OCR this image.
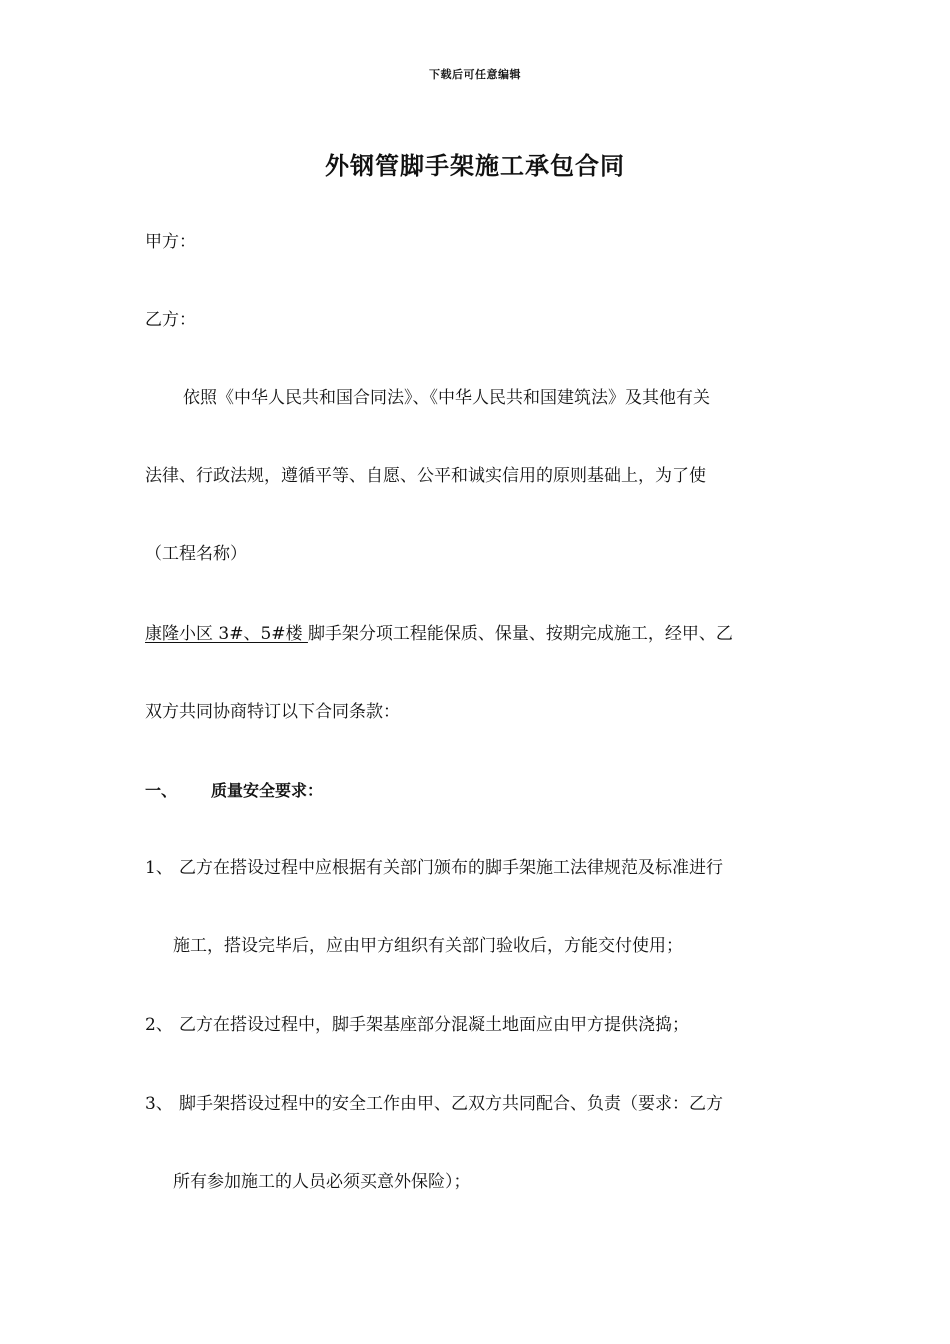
下载后可任意编辑
外钢管脚手架施工承包合同
甲方：
乙方：
依照《中华人民共和国合同法》、《中华人民共和国建筑法》及其他有关
法律、行政法规，遵循平等、自愿、公平和诚实信用的原则基础上，为了使
（工程名称）
康隆小区 3#、5#楼 脚手架分项工程能保质、保量、按期完成施工，经甲、乙
双方共同协商特订以下合同条款：
一、 质量安全要求：
1、 乙方在搭设过程中应根据有关部门颁布的脚手架施工法律规范及标准进行
施工，搭设完毕后，应由甲方组织有关部门验收后，方能交付使用；
2、 乙方在搭设过程中，脚手架基座部分混凝土地面应由甲方提供浇捣；
3、 脚手架搭设过程中的安全工作由甲、乙双方共同配合、负责（要求：乙方
所有参加施工的人员必须买意外保险）；
